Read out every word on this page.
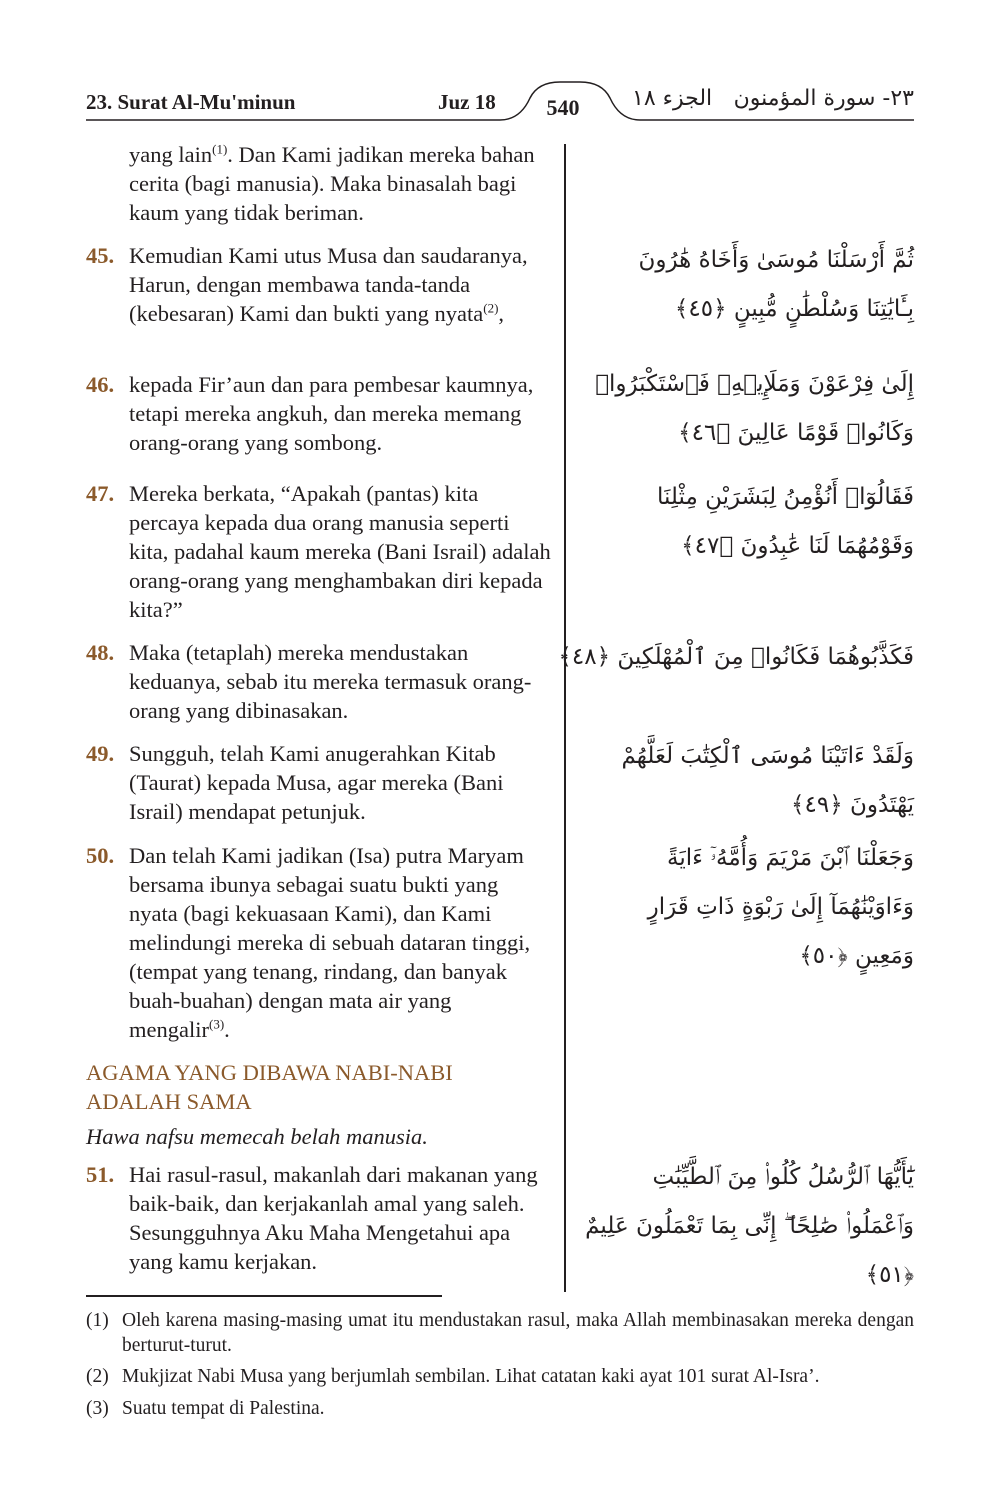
23. Surat Al-Mu'minun	Juz 18	540	الجزء ١٨ ٢٣- سورة المؤمنون
yang lain$^{(1)}$. Dan Kami jadikan mereka bahan cerita (bagi manusia). Maka binasalah bagi kaum yang tidak beriman.
45. Kemudian Kami utus Musa dan saudaranya, Harun, dengan membawa tanda-tanda (kebesaran) Kami dan bukti yang nyata$^{(2)}$,
ثُمَّ أَرْسَلْنَا مُوسَىٰ وَأَخَاهُ هَٰرُونَ بِـَٔايَٰتِنَا وَسُلْطَٰنٍ مُّبِينٍ ﴿٤٥﴾
46. kepada Fir’aun dan para pembesar kaumnya, tetapi mereka angkuh, dan mereka memang orang-orang yang sombong.
إِلَىٰ فِرْعَوْنَ وَمَلَإِي۟هِۦ فَٱسْتَكْبَرُوا۟ وَكَانُوا۟ قَوْمًا عَالِينَ ﴿٤٦﴾
47. Mereka berkata, “Apakah (pantas) kita percaya kepada dua orang manusia seperti kita, padahal kaum mereka (Bani Israil) adalah orang-orang yang menghambakan diri kepada kita?”
فَقَالُوٓا۟ أَنُؤْمِنُ لِبَشَرَيْنِ مِثْلِنَا وَقَوْمُهُمَا لَنَا عَٰبِدُونَ ﴿٤٧﴾
48. Maka (tetaplah) mereka mendustakan keduanya, sebab itu mereka termasuk orang-orang yang dibinasakan.
فَكَذَّبُوهُمَا فَكَانُوا۟ مِنَ ٱلْمُهْلَكِينَ ﴿٤٨﴾
49. Sungguh, telah Kami anugerahkan Kitab (Taurat) kepada Musa, agar mereka (Bani Israil) mendapat petunjuk.
وَلَقَدْ ءَاتَيْنَا مُوسَى ٱلْكِتَٰبَ لَعَلَّهُمْ يَهْتَدُونَ ﴿٤٩﴾
50. Dan telah Kami jadikan (Isa) putra Maryam bersama ibunya sebagai suatu bukti yang nyata (bagi kekuasaan Kami), dan Kami melindungi mereka di sebuah dataran tinggi, (tempat yang tenang, rindang, dan banyak buah-buahan) dengan mata air yang mengalir$^{(3)}$.
وَجَعَلْنَا ٱبْنَ مَرْيَمَ وَأُمَّهُۥٓ ءَايَةً وَءَاوَيْنَٰهُمَآ إِلَىٰ رَبْوَةٍ ذَاتِ قَرَارٍ وَمَعِينٍ ﴿٥٠﴾
AGAMA YANG DIBAWA NABI-NABI ADALAH SAMA
Hawa nafsu memecah belah manusia.
51. Hai rasul-rasul, makanlah dari makanan yang baik-baik, dan kerjakanlah amal yang saleh. Sesungguhnya Aku Maha Mengetahui apa yang kamu kerjakan.
يَٰٓأَيُّهَا ٱلرُّسُلُ كُلُوا۟ مِنَ ٱلطَّيِّبَٰتِ وَٱعْمَلُوا۟ صَٰلِحًا ۖ إِنِّى بِمَا تَعْمَلُونَ عَلِيمٌ ﴿٥١﴾
(1) Oleh karena masing-masing umat itu mendustakan rasul, maka Allah membinasakan mereka dengan berturut-turut.
(2) Mukjizat Nabi Musa yang berjumlah sembilan. Lihat catatan kaki ayat 101 surat Al-Isra’.
(3) Suatu tempat di Palestina.
